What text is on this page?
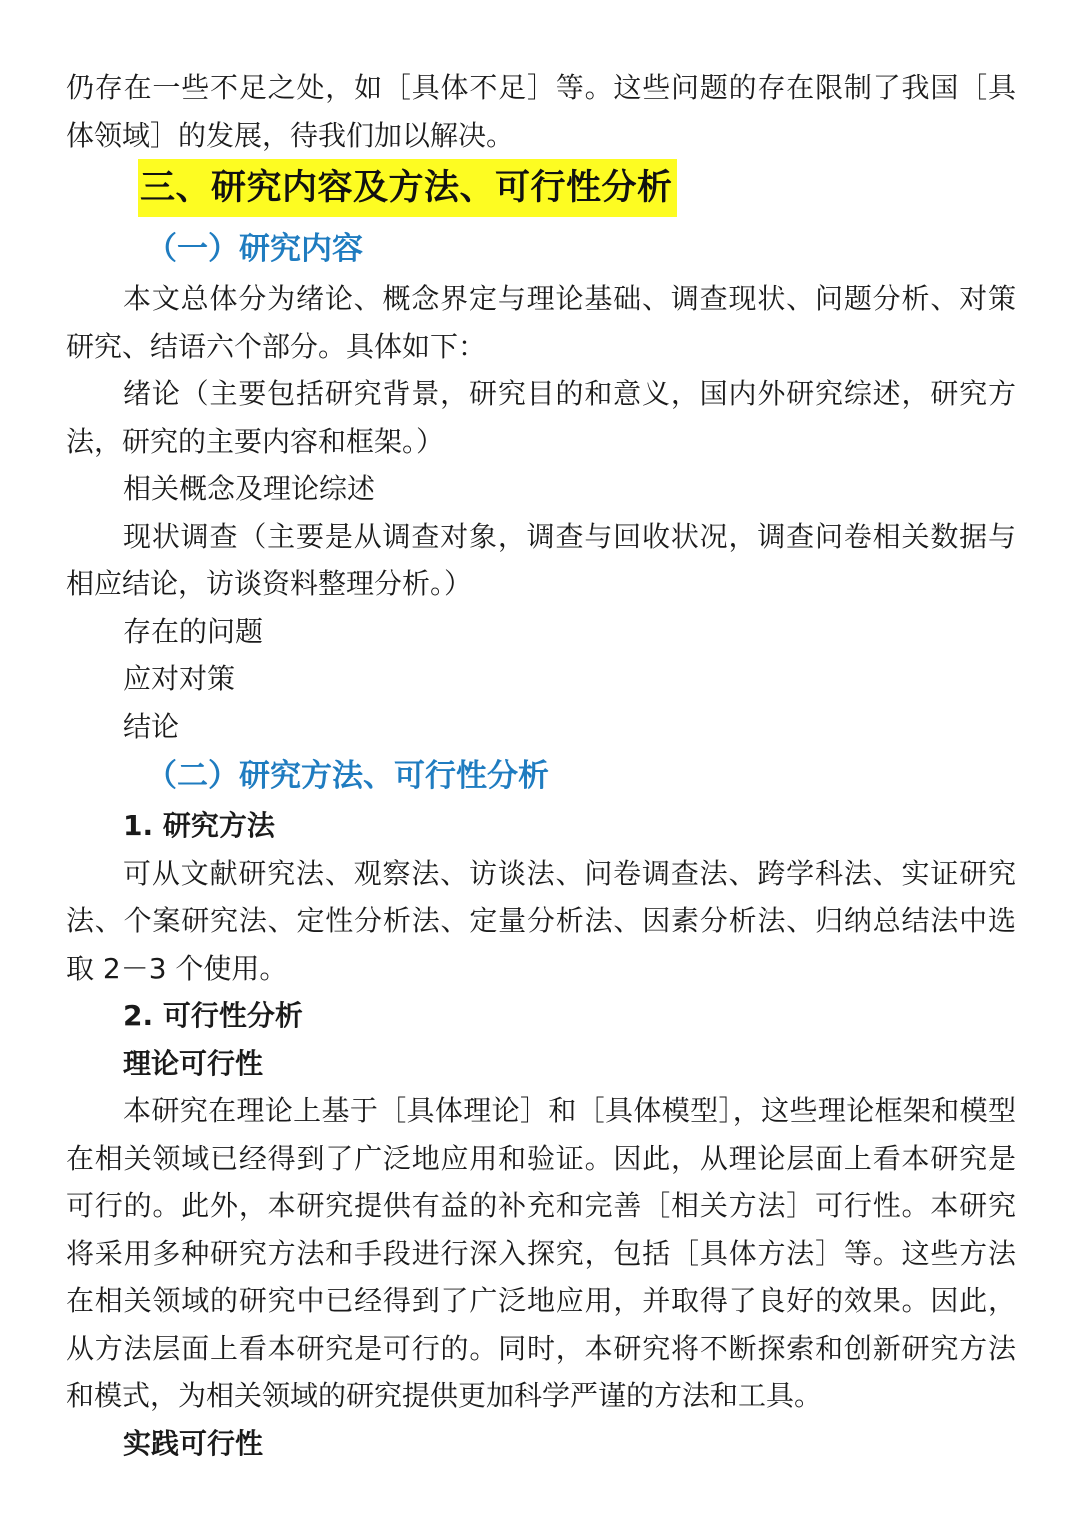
仍存在一些不足之处，如［具体不足］等。这些问题的存在限制了我国［具
体领域］的发展，待我们加以解决。
三、研究内容及方法、可行性分析
（一）研究内容
本文总体分为绪论、概念界定与理论基础、调查现状、问题分析、对策
研究、结语六个部分。具体如下：
绪论（主要包括研究背景，研究目的和意义，国内外研究综述，研究方
法，研究的主要内容和框架。）
相关概念及理论综述
现状调查（主要是从调查对象，调查与回收状况，调查问卷相关数据与
相应结论，访谈资料整理分析。）
存在的问题
应对对策
结论
（二）研究方法、可行性分析
1. 研究方法
可从文献研究法、观察法、访谈法、问卷调查法、跨学科法、实证研究
法、个案研究法、定性分析法、定量分析法、因素分析法、归纳总结法中选
取 2－3 个使用。
2. 可行性分析
理论可行性
本研究在理论上基于［具体理论］和［具体模型］，这些理论框架和模型
在相关领域已经得到了广泛地应用和验证。因此，从理论层面上看本研究是
可行的。此外，本研究提供有益的补充和完善［相关方法］可行性。本研究
将采用多种研究方法和手段进行深入探究，包括［具体方法］等。这些方法
在相关领域的研究中已经得到了广泛地应用，并取得了良好的效果。因此，
从方法层面上看本研究是可行的。同时，本研究将不断探索和创新研究方法
和模式，为相关领域的研究提供更加科学严谨的方法和工具。
实践可行性
